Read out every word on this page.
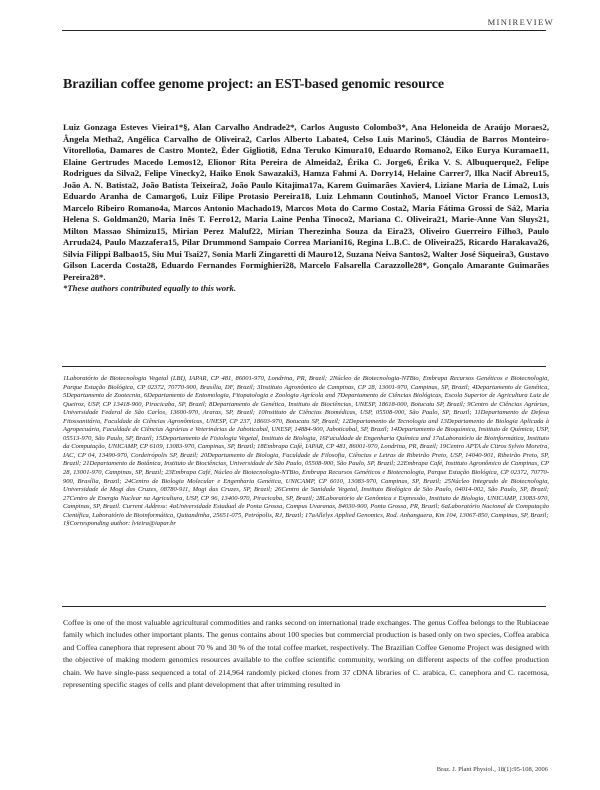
MINIREVIEW
Brazilian coffee genome project: an EST-based genomic resource
Luiz Gonzaga Esteves Vieira1*§, Alan Carvalho Andrade2*, Carlos Augusto Colombo3*, Ana Heloneida de Araújo Moraes2, Ângela Metha2, Angélica Carvalho de Oliveira2, Carlos Alberto Labate4, Celso Luis Marino5, Cláudia de Barros Monteiro-Vitorello6a, Damares de Castro Monte2, Éder Giglioti8, Edna Teruko Kimura10, Eduardo Romano2, Eiko Eurya Kuramae11, Elaine Gertrudes Macedo Lemos12, Elionor Rita Pereira de Almeida2, Érika C. Jorge6, Érika V. S. Albuquerque2, Felipe Rodrigues da Silva2, Felipe Vinecky2, Haiko Enok Sawazaki3, Hamza Fahmi A. Dorry14, Helaine Carrer7, Ilka Nacif Abreu15, João A. N. Batista2, João Batista Teixeira2, João Paulo Kitajima17a, Karem Guimarães Xavier4, Liziane Maria de Lima2, Luis Eduardo Aranha de Camargo6, Luiz Filipe Protasio Pereira18, Luiz Lehmann Coutinho5, Manoel Victor Franco Lemos13, Marcelo Ribeiro Romano4a, Marcos Antonio Machado19, Marcos Mota do Carmo Costa2, Maria Fátima Grossi de Sá2, Maria Helena S. Goldman20, Maria Inês T. Ferro12, Maria Laine Penha Tinoco2, Mariana C. Oliveira21, Marie-Anne Van Sluys21, Milton Massao Shimizu15, Mirian Perez Maluf22, Mirian Therezinha Souza da Eira23, Oliveiro Guerreiro Filho3, Paulo Arruda24, Paulo Mazzafera15, Pilar Drummond Sampaio Correa Mariani16, Regina L.B.C. de Oliveira25, Ricardo Harakava26, Silvia Filippi Balbao15, Siu Mui Tsai27, Sonia Marli Zingaretti di Mauro12, Suzana Neiva Santos2, Walter José Siqueira3, Gustavo Gilson Lacerda Costa28, Eduardo Fernandes Formighieri28, Marcelo Falsarella Carazzolle28*, Gonçalo Amarante Guimarães Pereira28*.
*These authors contributed equally to this work.
1Laboratório de Biotecnologia Vegetal (LBI), IAPAR, CP 481, 86001-970, Londrina, PR, Brazil; 2Núcleo de Biotecnologia-NTBio, Embrapa Recursos Genéticos e Biotecnologia, Parque Estação Biológica, CP 02372, 70770-900, Brasília, DF, Brazil; 3Instituto Agronômico de Campinas, CP 28, 13001-970, Campinas, SP, Brazil; 4Departamento de Genética, 5Departamento de Zootecnia, 6Departamento de Entomologia, Fitopatologia e Zoologia Agrícola and 7Departamento de Ciências Biológicas, Escola Superior de Agricultura Luiz de Queiroz, USP, CP 13418-900, Piracicaba, SP, Brazil; 8Departamento de Genética, Instituto de Biociências, UNESP, 18618-000, Botucatu SP, Brazil; 9Centro de Ciências Agrárias, Universidade Federal de São Carlos, 13600-970, Araras, SP, Brazil; 10Instituto de Ciências Biomédicas, USP, 05508-000, São Paulo, SP, Brazil; 11Departamento de Defesa Fitossanitária, Faculdade de Ciências Agronômicas, UNESP, CP 237, 18603-970, Botucatu SP, Brazil; 12Departamento de Tecnologia and 13Departamento de Biologia Aplicada à Agropecuária, Faculdade de Ciências Agrárias e Veterinárias de Jaboticabal, UNESP, 14884-900, Jaboticabal, SP, Brazil; 14Departamento de Bioquímica, Instituto de Química, USP, 05513-970, São Paulo, SP, Brazil; 15Departamento de Fisiologia Vegetal, Instituto de Biologia, 16Faculdade de Engenharia Química and 17aLaboratório de Bioinformática, Instituto da Computação, UNICAMP, CP 6109, 13083-970, Campinas, SP, Brazil; 18Embrapa Café, IAPAR, CP 481, 86001-970, Londrina, PR, Brazil; 19Centro APTA de Citros Sylvio Moreira, IAC, CP 04, 13490-970, Cordeirópolis SP, Brazil; 20Departamento de Biologia, Faculdade de Filosofia, Ciências e Letras de Ribeirão Preto, USP, 14040-901, Ribeirão Preto, SP, Brazil; 21Departamento de Botânica, Instituto de Biociências, Universidade de São Paulo, 05508-900, São Paulo, SP, Brazil; 22Embrapa Café, Instituto Agronômico de Campinas, CP 28, 13001-970, Campinas, SP, Brazil; 23Embrapa Café, Núcleo de Biotecnologia-NTBio, Embrapa Recursos Genéticos e Biotecnologia, Parque Estação Biológica, CP 02372, 70770-900, Brasília, Brazil; 24Centro de Biologia Molecular e Engenharia Genética, UNICAMP, CP 6010, 13083-970, Campinas, SP, Brazil; 25Núcleo Integrado de Biotecnologia, Universidade de Mogi das Cruzes, 08780-911, Mogi das Cruzes, SP, Brazil; 26Centro de Sanidade Vegetal, Instituto Biológico de São Paulo, 04014-002, São Paulo, SP, Brazil; 27Centro de Energia Nuclear na Agricultura, USP, CP 96, 13400-970, Piracicaba, SP, Brazil; 28Laboratório de Genômica e Expressão, Instituto de Biologia, UNICAMP, 13083-970, Campinas, SP, Brazil. Current Address: 4aUniversidade Estadual de Ponta Grossa, Campus Uvaranas, 84030-900, Ponta Grossa, PR, Brazil; 6aLaboratório Nacional de Computação Científica, Laboratório de Bioinformática, Quitandinha, 25651-075, Petrópolis, RJ, Brazil; 17aAllelyx Applied Genomics, Rod. Anhanguera, Km 104, 13067-850, Campinas, SP, Brazil;
1§Corresponding author: lvieira@iapar.br
Coffee is one of the most valuable agricultural commodities and ranks second on international trade exchanges. The genus Coffea belongs to the Rubiaceae family which includes other important plants. The genus contains about 100 species but commercial production is based only on two species, Coffea arabica and Coffea canephora that represent about 70 % and 30 % of the total coffee market, respectively. The Brazilian Coffee Genome Project was designed with the objective of making modern genomics resources available to the coffee scientific community, working on different aspects of the coffee production chain. We have single-pass sequenced a total of 214,964 randomly picked clones from 37 cDNA libraries of C. arabica, C. canephora and C. racemosa, representing specific stages of cells and plant development that after trimming resulted in
Braz. J. Plant Physiol., 18(1):95-108, 2006
